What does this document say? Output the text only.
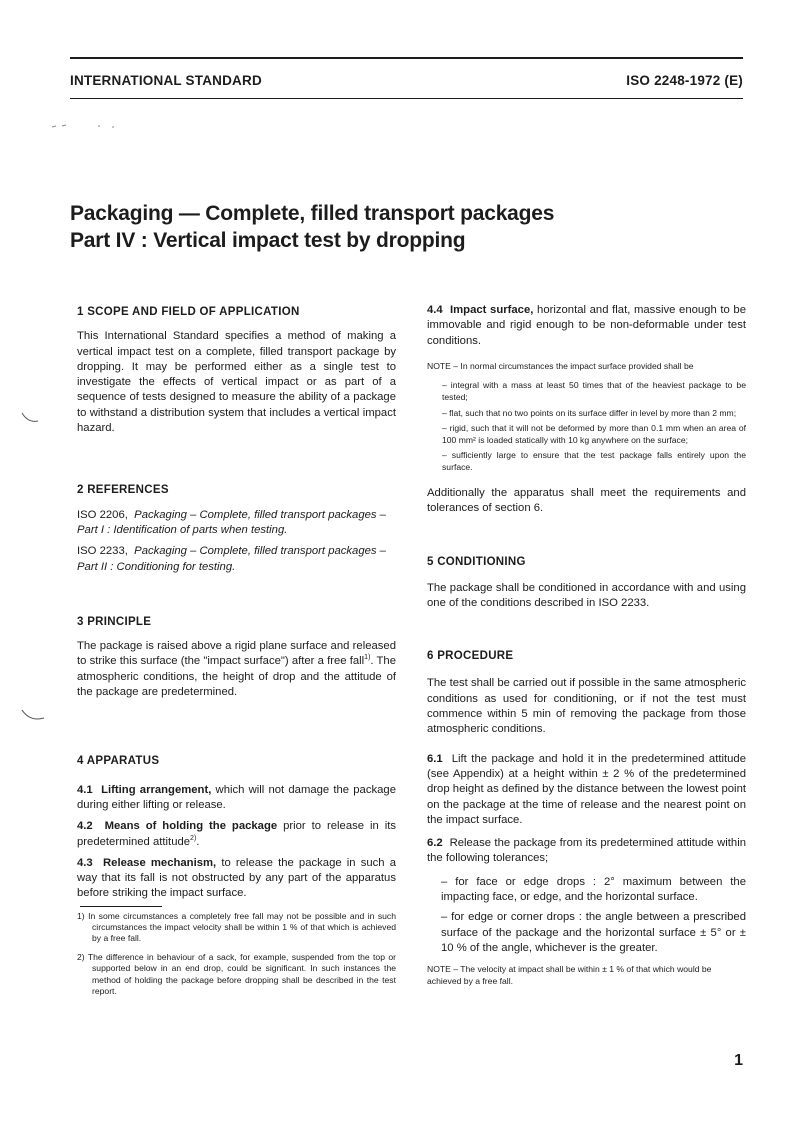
INTERNATIONAL STANDARD	ISO 2248-1972 (E)
Packaging — Complete, filled transport packages
Part IV : Vertical impact test by dropping
1 SCOPE AND FIELD OF APPLICATION

This International Standard specifies a method of making a vertical impact test on a complete, filled transport package by dropping. It may be performed either as a single test to investigate the effects of vertical impact or as part of a sequence of tests designed to measure the ability of a package to withstand a distribution system that includes a vertical impact hazard.

2 REFERENCES

ISO 2206, Packaging – Complete, filled transport packages – Part I : Identification of parts when testing.

ISO 2233, Packaging – Complete, filled transport packages – Part II : Conditioning for testing.

3 PRINCIPLE

The package is raised above a rigid plane surface and released to strike this surface (the "impact surface") after a free fall$^{1)}$. The atmospheric conditions, the height of drop and the attitude of the package are predetermined.

4 APPARATUS

4.1 Lifting arrangement, which will not damage the package during either lifting or release.

4.2 Means of holding the package prior to release in its predetermined attitude$^{2)}$.

4.3 Release mechanism, to release the package in such a way that its fall is not obstructed by any part of the apparatus before striking the impact surface.

1) In some circumstances a completely free fall may not be possible and in such circumstances the impact velocity shall be within 1 % of that which is achieved by a free fall.
2) The difference in behaviour of a sack, for example, suspended from the top or supported below in an end drop, could be significant. In such instances the method of holding the package before dropping shall be described in the test report.

4.4 Impact surface, horizontal and flat, massive enough to be immovable and rigid enough to be non-deformable under test conditions.

NOTE – In normal circumstances the impact surface provided shall be
– integral with a mass at least 50 times that of the heaviest package to be tested;
– flat, such that no two points on its surface differ in level by more than 2 mm;
– rigid, such that it will not be deformed by more than 0.1 mm when an area of 100 mm² is loaded statically with 10 kg anywhere on the surface;
– sufficiently large to ensure that the test package falls entirely upon the surface.

Additionally the apparatus shall meet the requirements and tolerances of section 6.

5 CONDITIONING

The package shall be conditioned in accordance with and using one of the conditions described in ISO 2233.

6 PROCEDURE

The test shall be carried out if possible in the same atmospheric conditions as used for conditioning, or if not the test must commence within 5 min of removing the package from those atmospheric conditions.

6.1 Lift the package and hold it in the predetermined attitude (see Appendix) at a height within ± 2 % of the predetermined drop height as defined by the distance between the lowest point on the package at the time of release and the nearest point on the impact surface.

6.2 Release the package from its predetermined attitude within the following tolerances;

– for face or edge drops : 2° maximum between the impacting face, or edge, and the horizontal surface.

– for edge or corner drops : the angle between a prescribed surface of the package and the horizontal surface ± 5° or ± 10 % of the angle, whichever is the greater.

NOTE – The velocity at impact shall be within ± 1 % of that which would be achieved by a free fall.
1
